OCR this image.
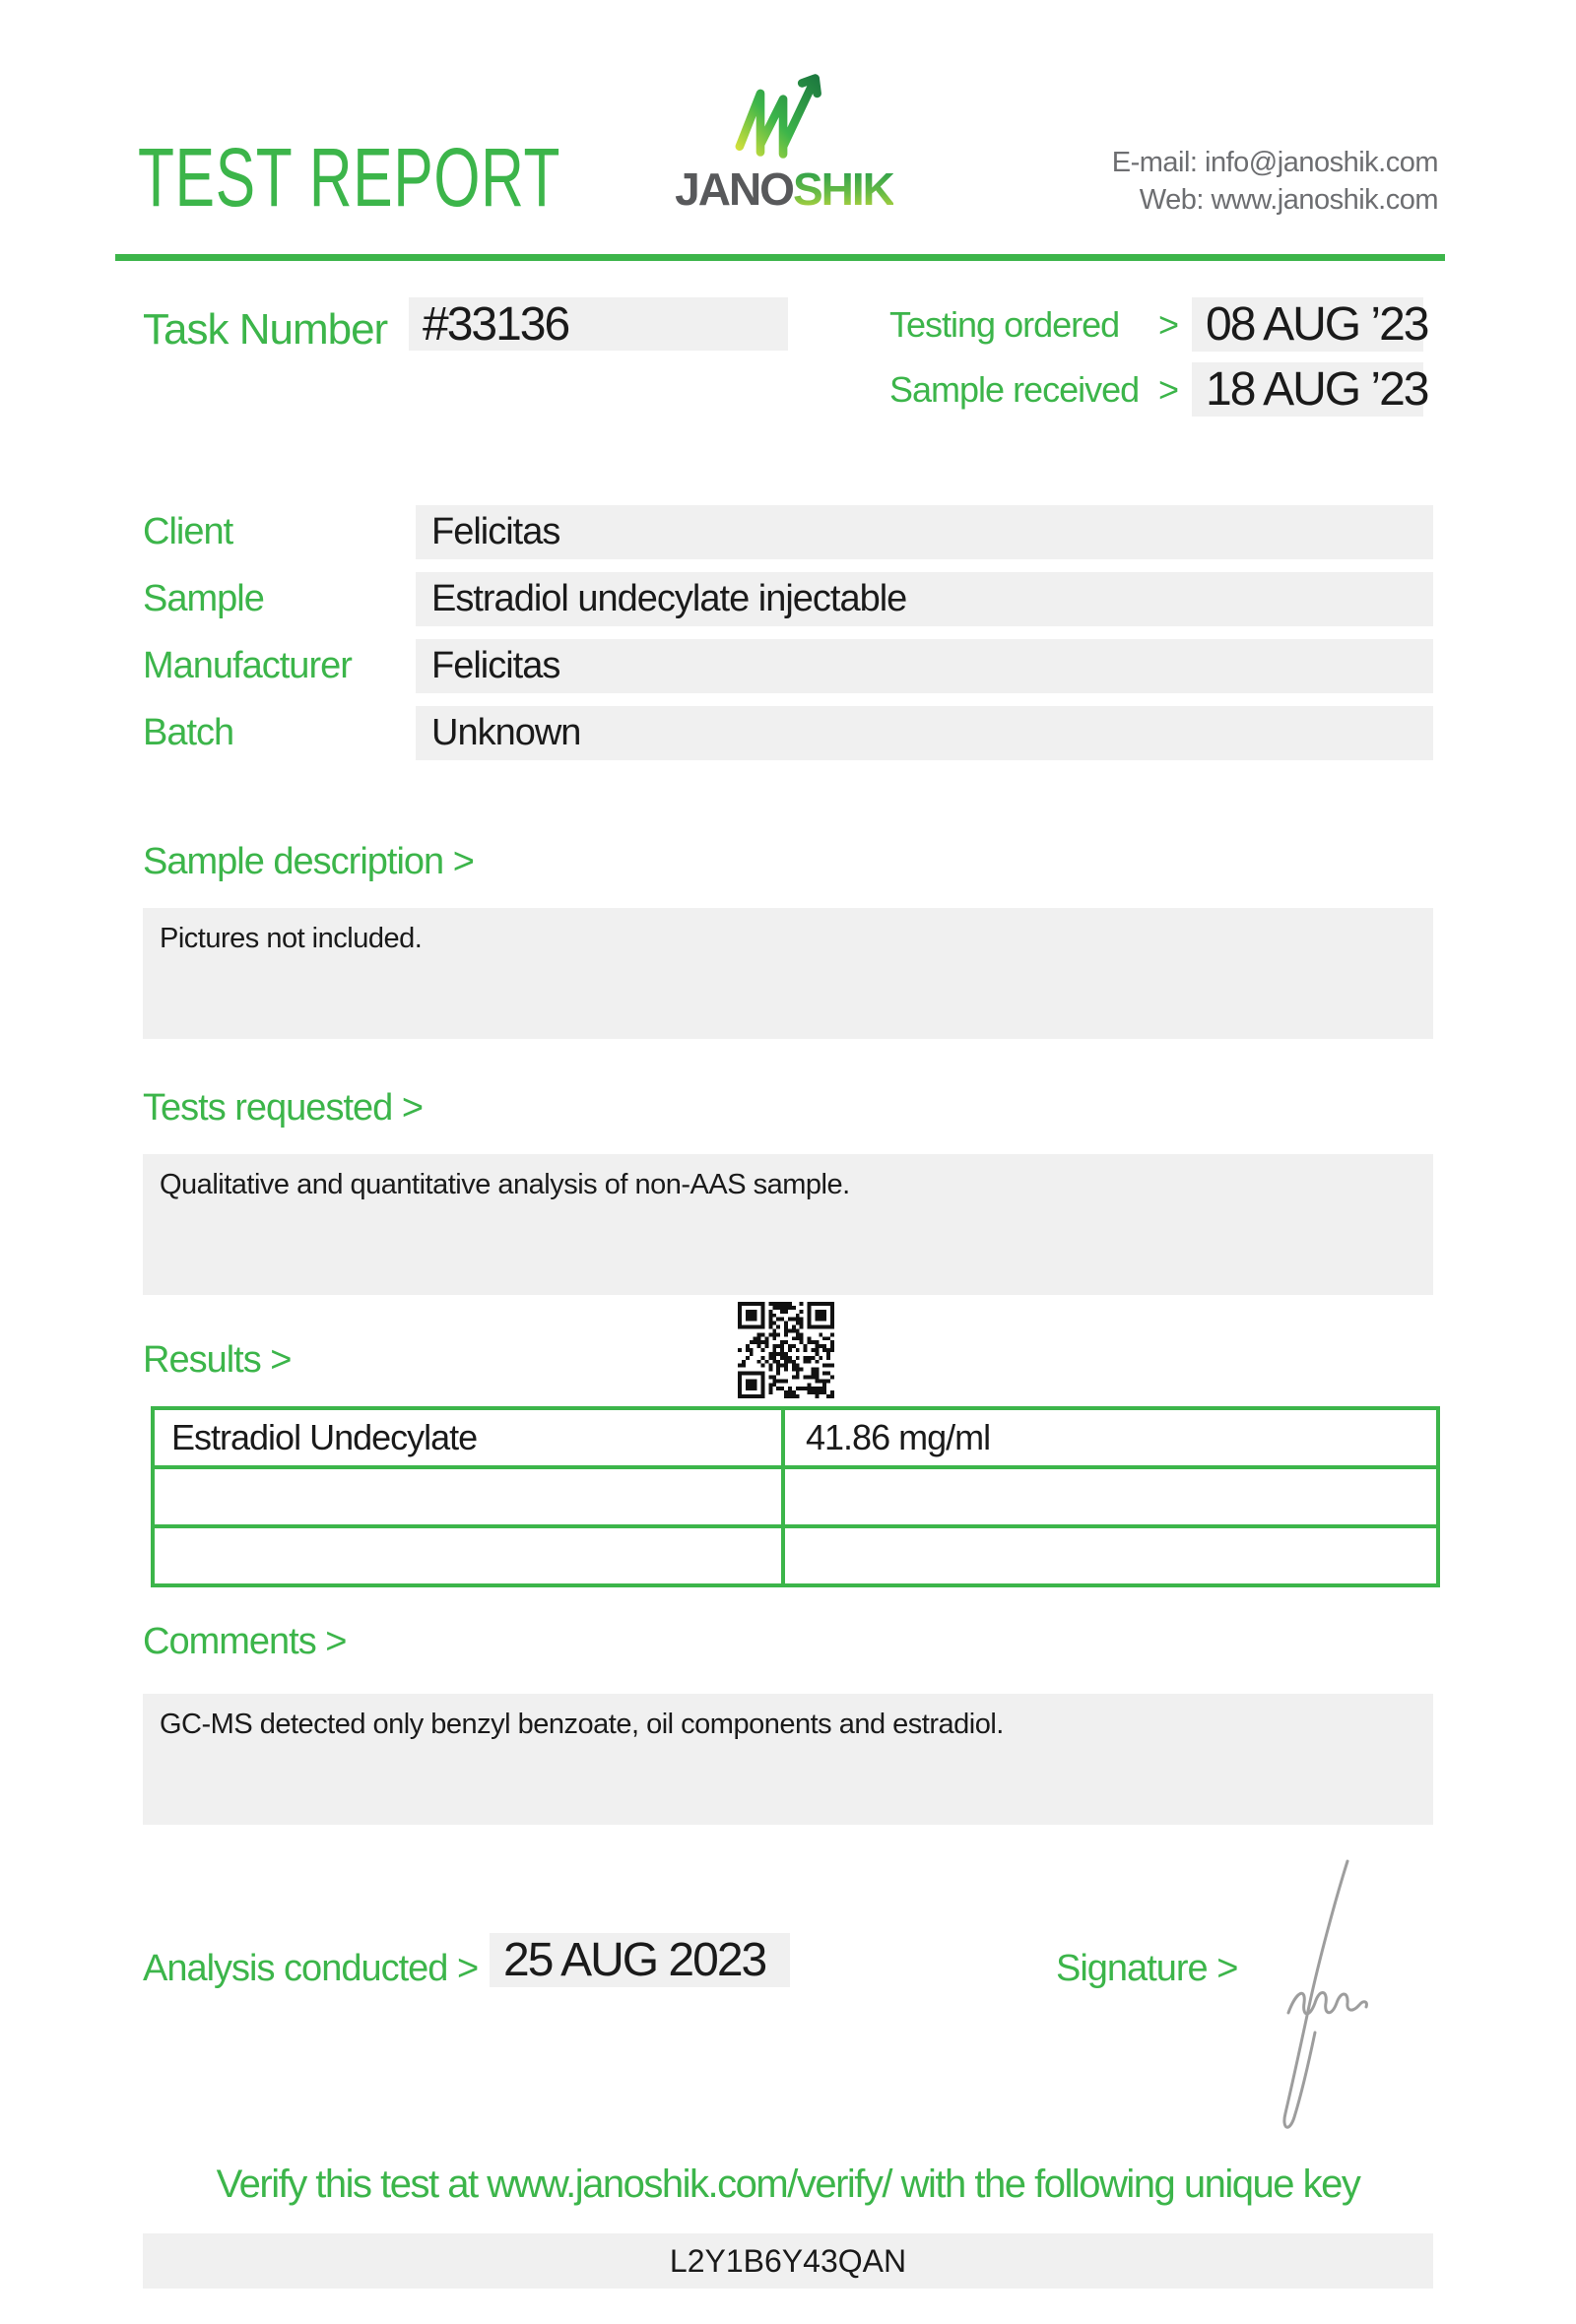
TEST REPORT	JANOSHIK
E-mail: info@janoshik.com
Web: www.janoshik.com
Task Number #33136	Testing ordered > 08 AUG ’23
Sample received > 18 AUG ’23
Client	Felicitas
Sample	Estradiol undecylate injectable
Manufacturer	Felicitas
Batch	Unknown
Sample description >
Pictures not included.
Tests requested >
Qualitative and quantitative analysis of non-AAS sample.
Results >
Estradiol Undecylate	41.86 mg/ml
Comments >
GC-MS detected only benzyl benzoate, oil components and estradiol.
Analysis conducted > 25 AUG 2023	Signature >
Verify this test at www.janoshik.com/verify/ with the following unique key
L2Y1B6Y43QAN
